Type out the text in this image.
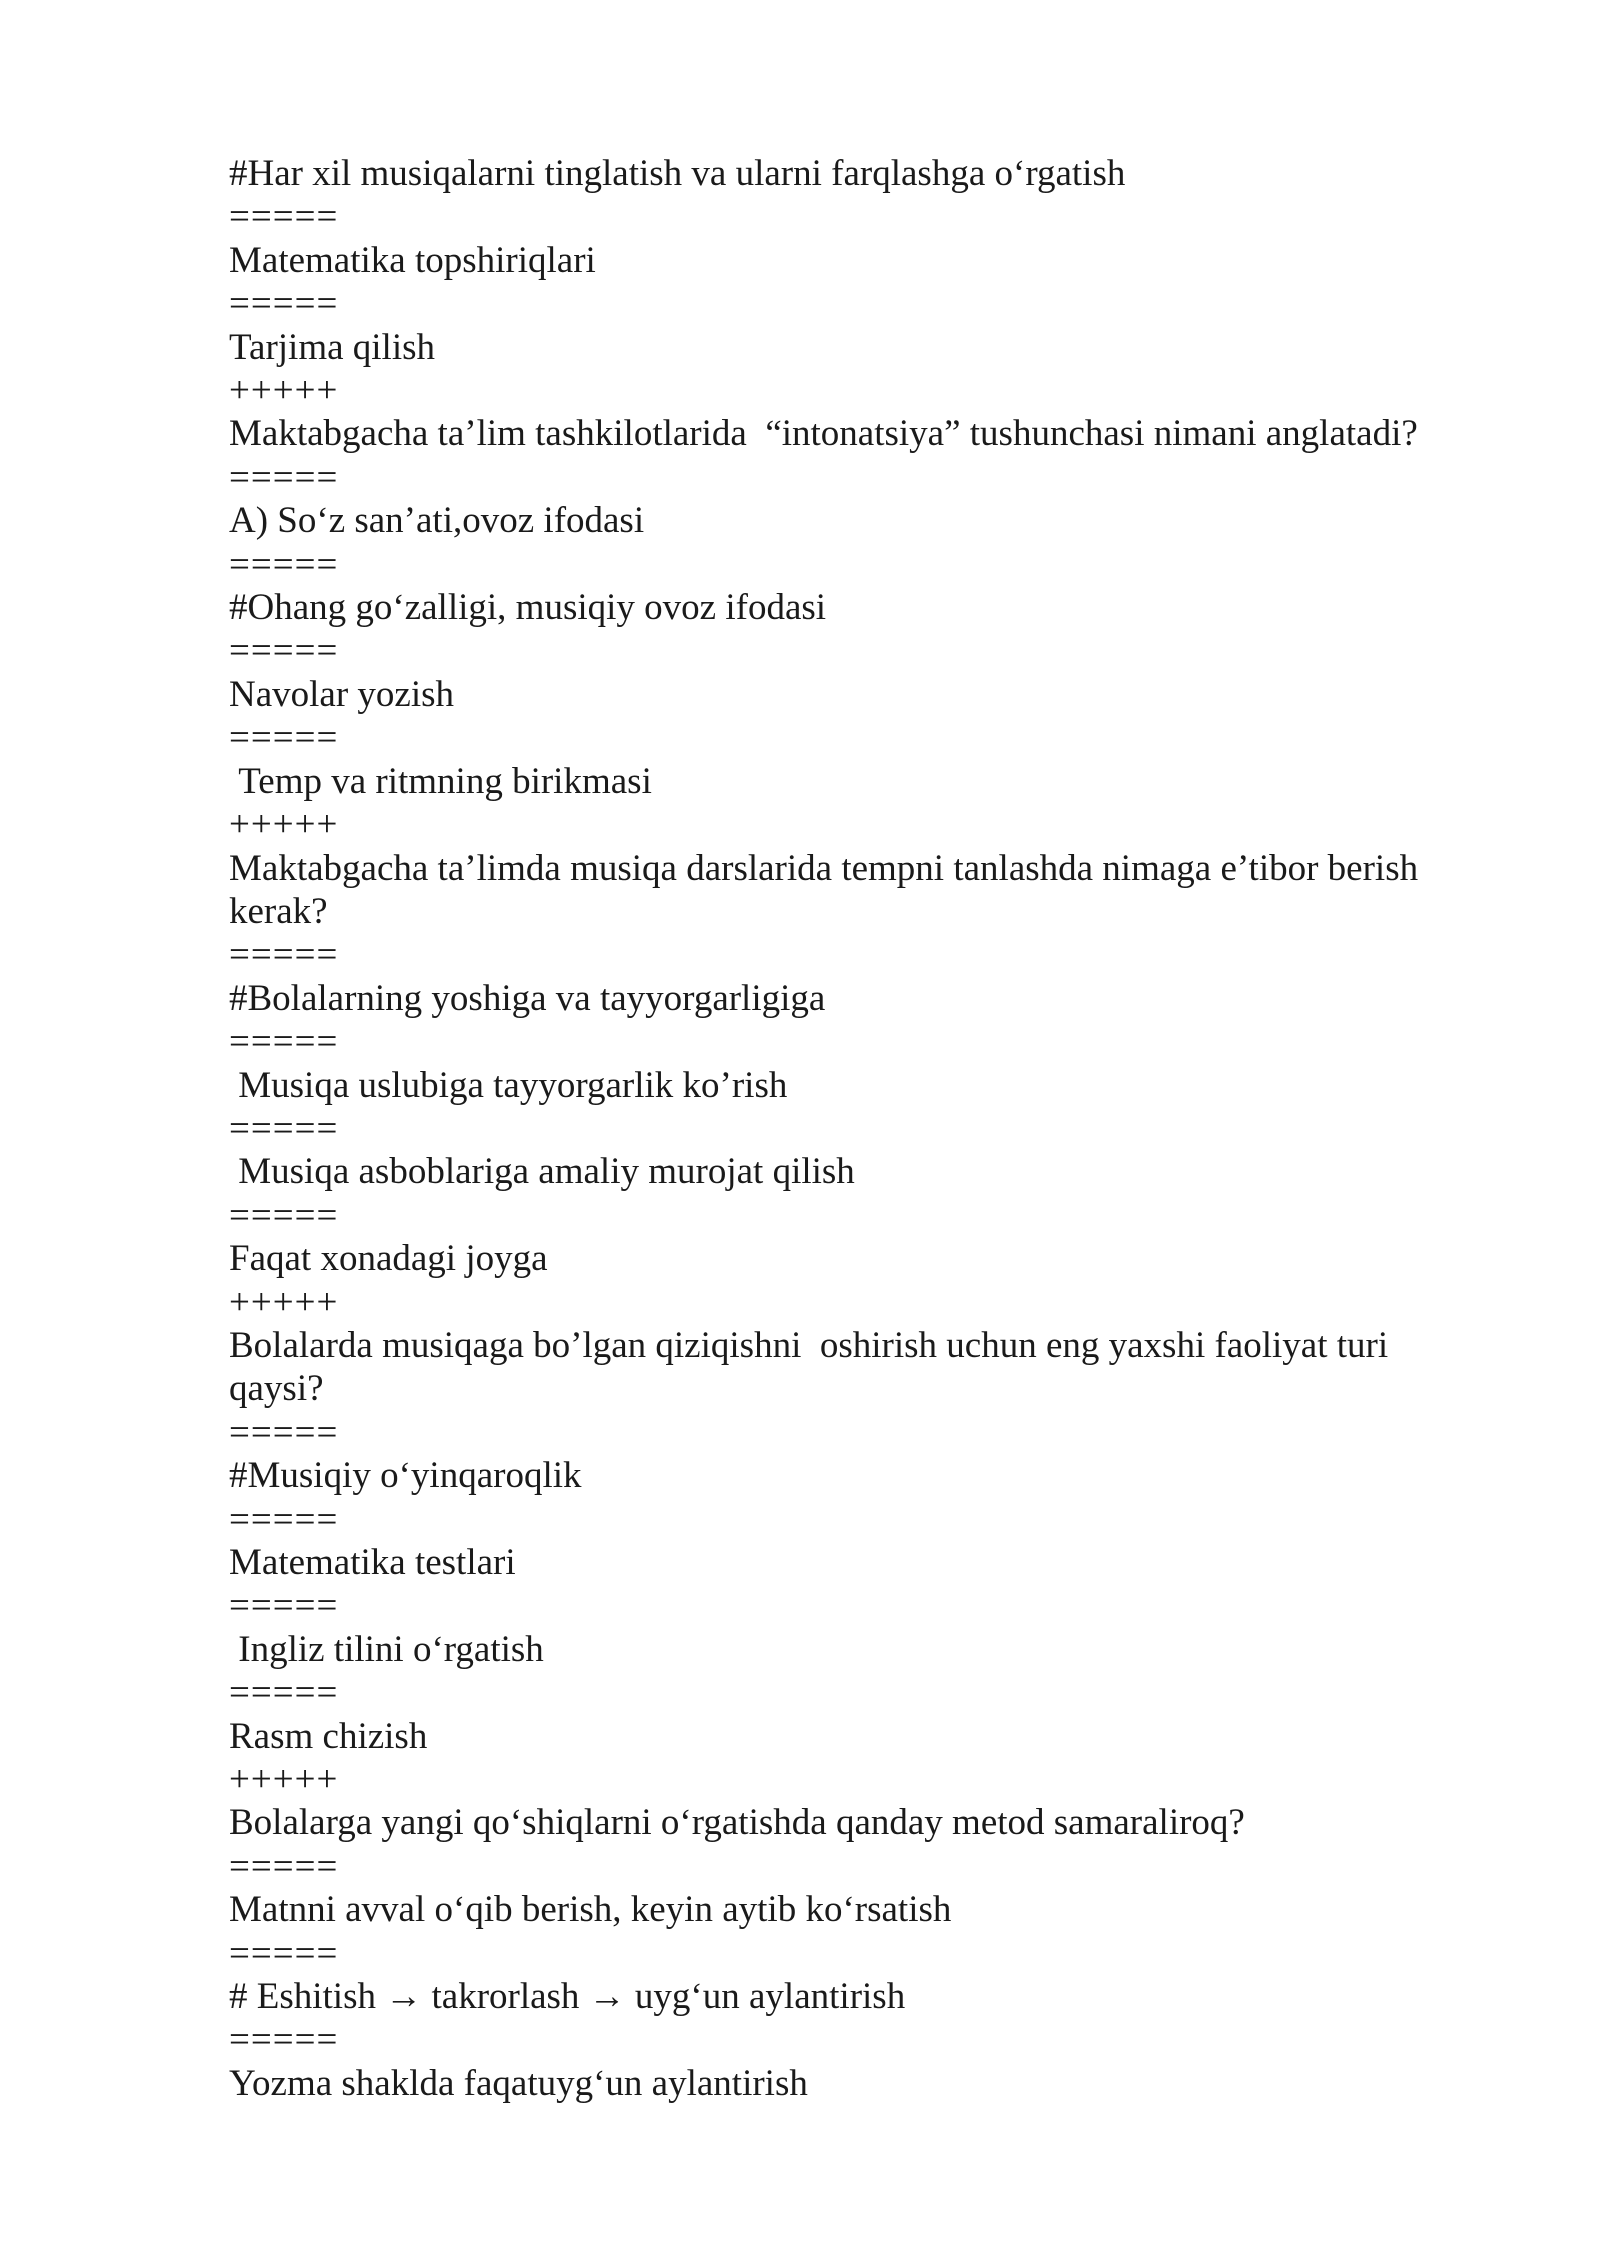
#Har xil musiqalarni tinglatish va ularni farqlashga o‘rgatish
=====
Matematika topshiriqlari
=====
Tarjima qilish
+++++
Maktabgacha ta’lim tashkilotlarida  “intonatsiya” tushunchasi nimani anglatadi?
=====
A) So‘z san’ati,ovoz ifodasi
=====
#Ohang go‘zalligi, musiqiy ovoz ifodasi
=====
Navolar yozish
=====
Temp va ritmning birikmasi
+++++
Maktabgacha ta’limda musiqa darslarida tempni tanlashda nimaga e’tibor berish kerak?
=====
#Bolalarning yoshiga va tayyorgarligiga
=====
Musiqa uslubiga tayyorgarlik ko’rish
=====
Musiqa asboblariga amaliy murojat qilish
=====
Faqat xonadagi joyga
+++++
Bolalarda musiqaga bo’lgan qiziqishni  oshirish uchun eng yaxshi faoliyat turi qaysi?
=====
#Musiqiy o‘yinqaroqlik
=====
Matematika testlari
=====
Ingliz tilini o‘rgatish
=====
Rasm chizish
+++++
Bolalarga yangi qo‘shiqlarni o‘rgatishda qanday metod samaraliroq?
=====
Matnni avval o‘qib berish, keyin aytib ko‘rsatish
=====
# Eshitish → takrorlash → uyg‘un aylantirish
=====
Yozma shaklda faqatuyg‘un aylantirish
